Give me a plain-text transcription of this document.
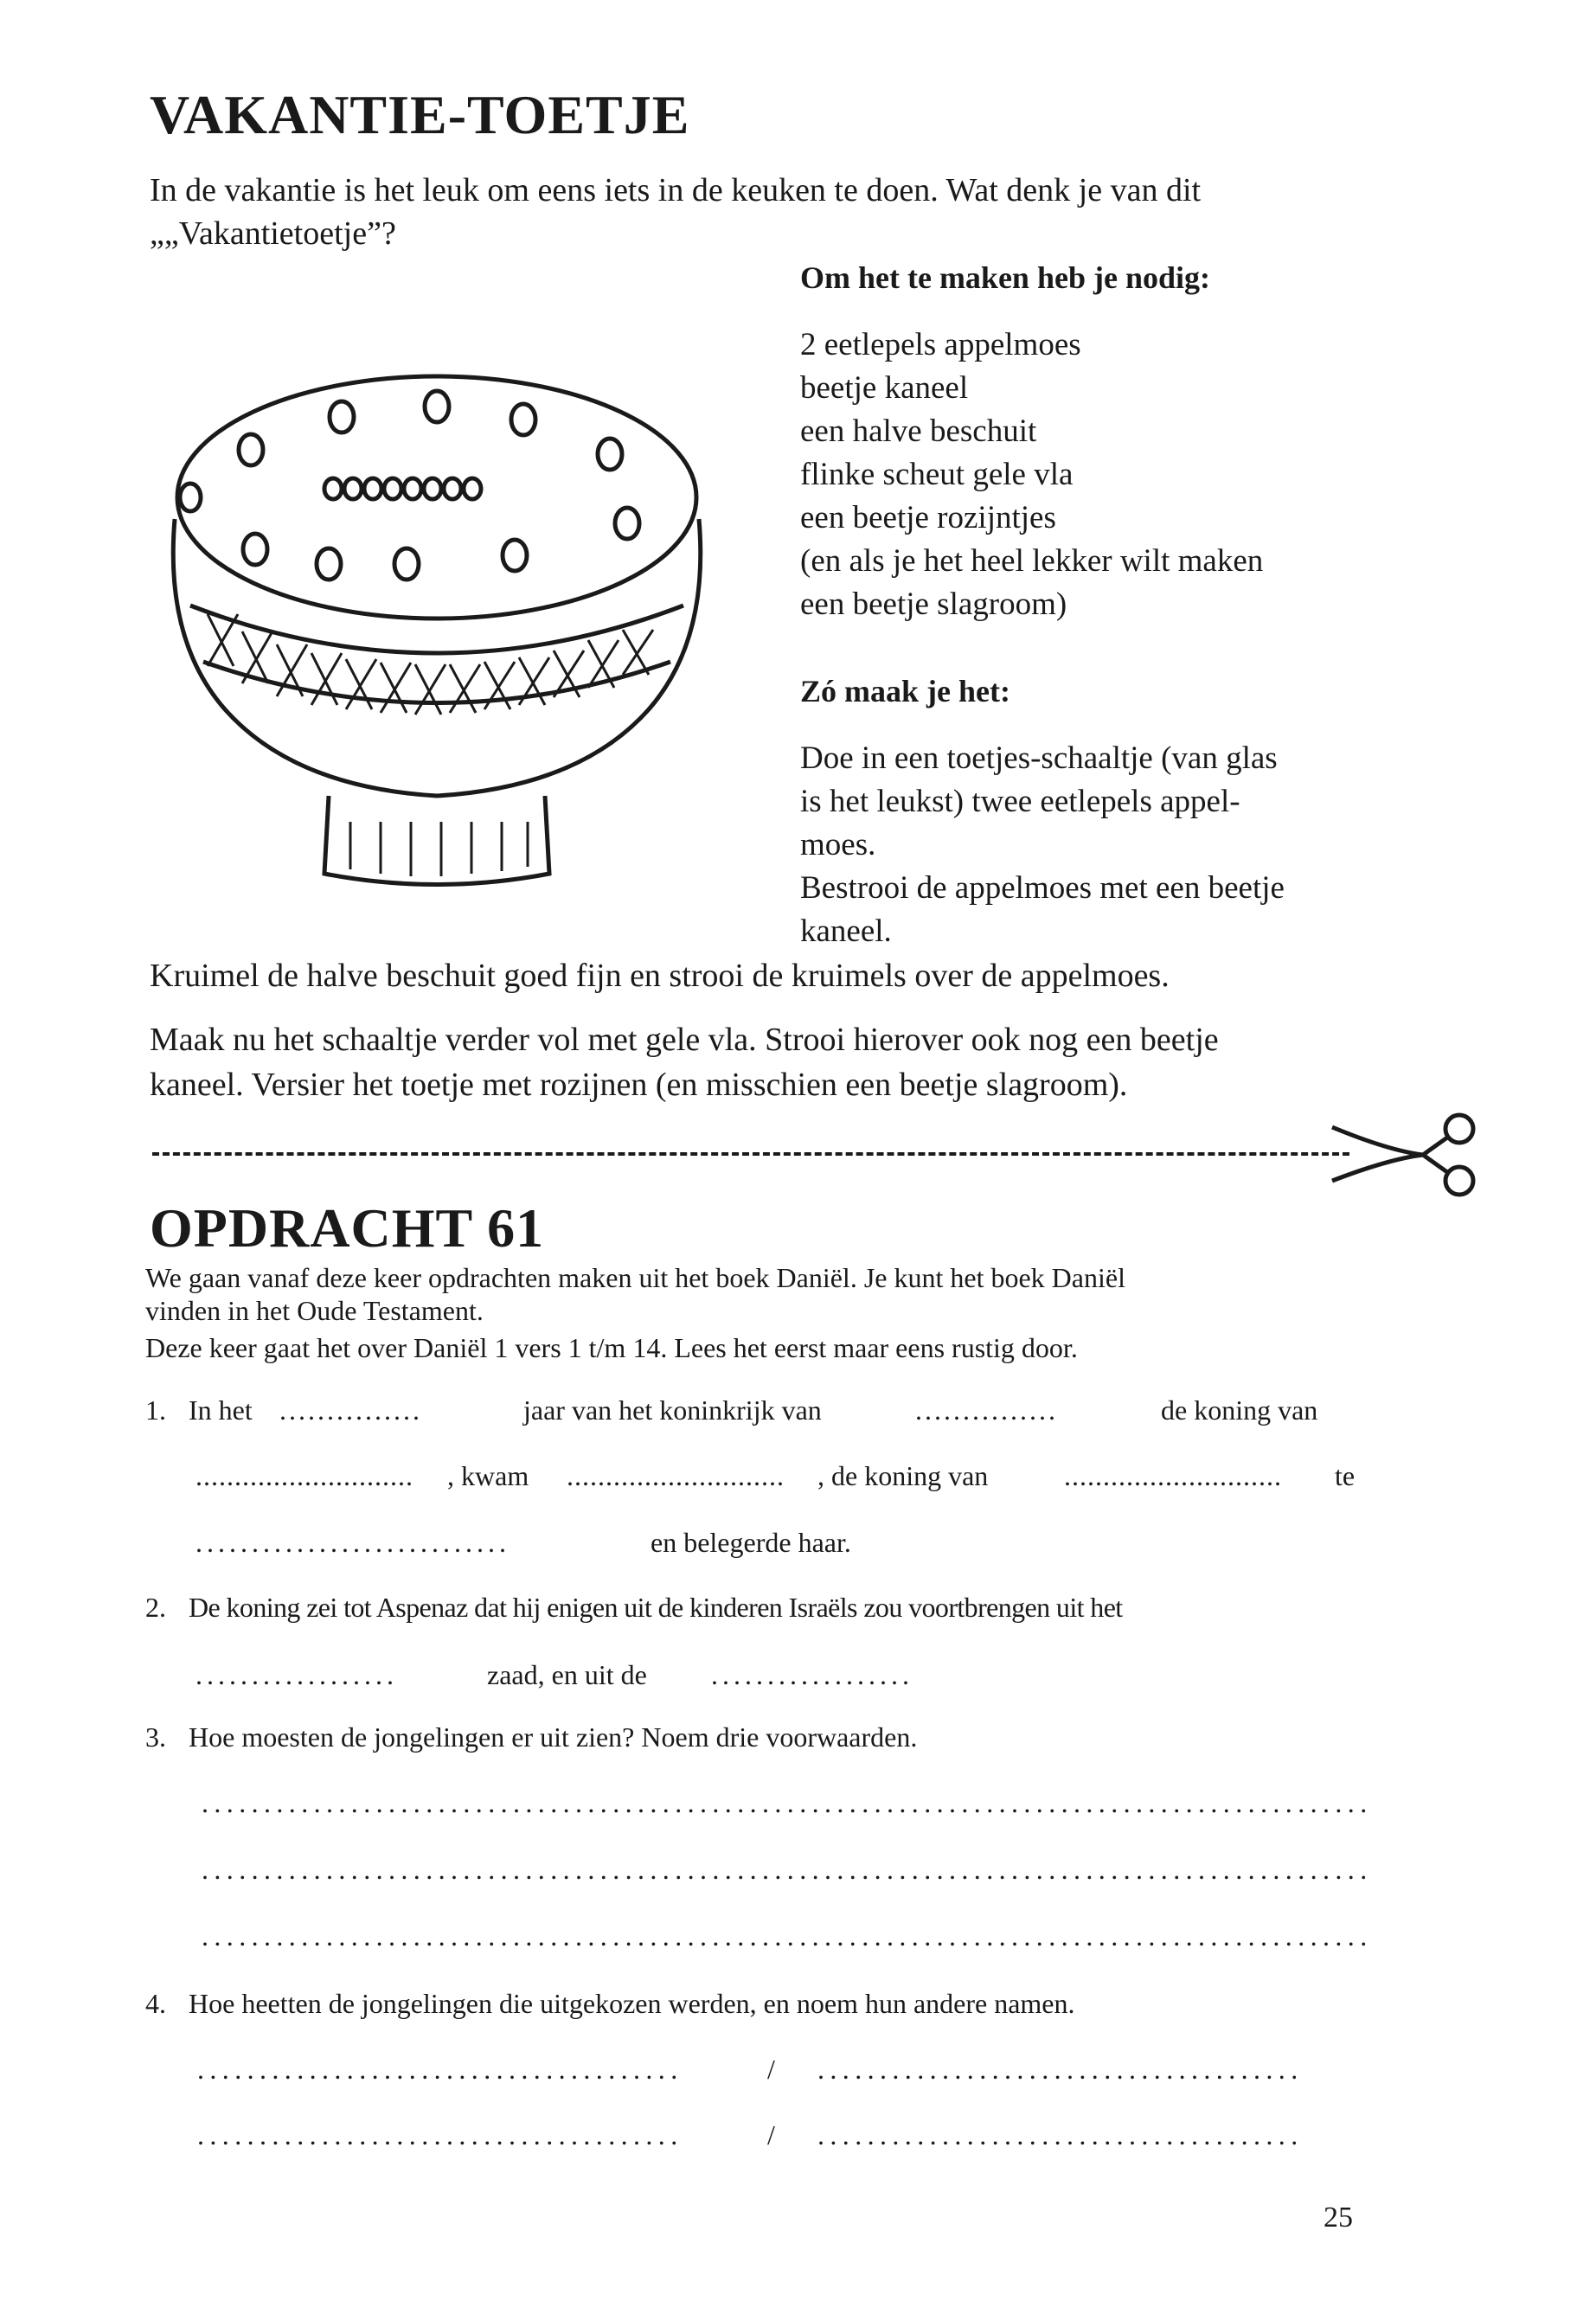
VAKANTIE-TOETJE
In de vakantie is het leuk om eens iets in de keuken te doen. Wat denk je van dit
„„Vakantietoetje”?
Om het te maken heb je nodig:
2 eetlepels appelmoes
beetje kaneel
een halve beschuit
flinke scheut gele vla
een beetje rozijntjes
(en als je het heel lekker wilt maken
een beetje slagroom)
Zó maak je het:
Doe in een toetjes-schaaltje (van glas
is het leukst) twee eetlepels appel-
moes.
Bestrooi de appelmoes met een beetje
kaneel.
Kruimel de halve beschuit goed fijn en strooi de kruimels over de appelmoes.
Maak nu het schaaltje verder vol met gele vla. Strooi hierover ook nog een beetje
kaneel. Versier het toetje met rozijnen (en misschien een beetje slagroom).
OPDRACHT 61
We gaan vanaf deze keer opdrachten maken uit het boek Daniël. Je kunt het boek Daniël
vinden in het Oude Testament.
Deze keer gaat het over Daniël 1 vers 1 t/m 14. Lees het eerst maar eens rustig door.
1. In het ...............	jaar van het koninkrijk van	...............	de koning van
............................ , kwam ............................ , de koning van	............................ te
............................	en belegerde haar.
2. De koning zei tot Aspenaz dat hij enigen uit de kinderen Israëls zou voortbrengen uit het
..................	zaad, en uit de ..................
3. Hoe moesten de jongelingen er uit zien? Noem drie voorwaarden.
..............................................................................................
..............................................................................................
..............................................................................................
4. Hoe heetten de jongelingen die uitgekozen werden, en noem hun andere namen.
.......................................	/ .......................................
.......................................	/ .......................................
25
